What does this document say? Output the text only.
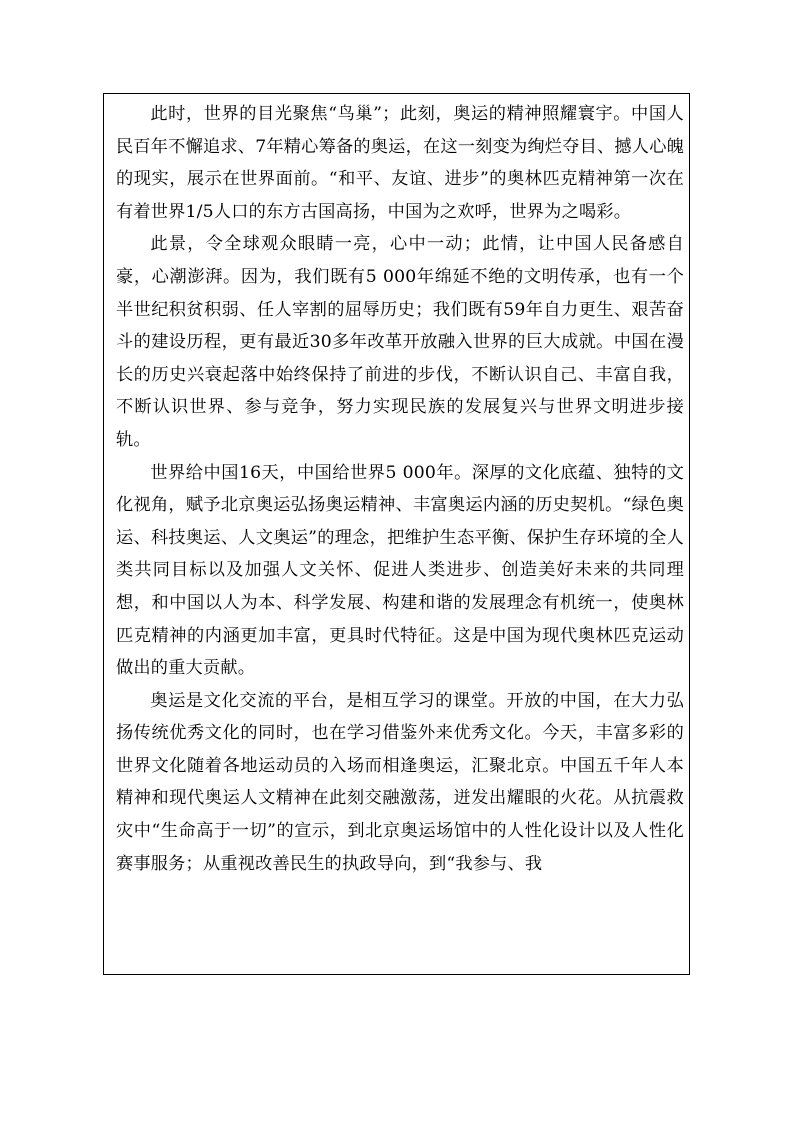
此时，世界的目光聚焦“鸟巢”；此刻，奥运的精神照耀寰宇。中国人民百年不懈追求、7年精心筹备的奥运，在这一刻变为绚烂夺目、撼人心魄的现实，展示在世界面前。“和平、友谊、进步”的奥林匹克精神第一次在有着世界1/5人口的东方古国高扬，中国为之欢呼，世界为之喝彩。

此景，令全球观众眼睛一亮，心中一动；此情，让中国人民备感自豪，心潮澎湃。因为，我们既有5 000年绵延不绝的文明传承，也有一个半世纪积贫积弱、任人宰割的屈辱历史；我们既有59年自力更生、艰苦奋斗的建设历程，更有最近30多年改革开放融入世界的巨大成就。中国在漫长的历史兴衰起落中始终保持了前进的步伐，不断认识自己、丰富自我，不断认识世界、参与竞争，努力实现民族的发展复兴与世界文明进步接轨。

世界给中国16天，中国给世界5 000年。深厚的文化底蕴、独特的文化视角，赋予北京奥运弘扬奥运精神、丰富奥运内涵的历史契机。“绿色奥运、科技奥运、人文奥运”的理念，把维护生态平衡、保护生存环境的全人类共同目标以及加强人文关怀、促进人类进步、创造美好未来的共同理想，和中国以人为本、科学发展、构建和谐的发展理念有机统一，使奥林匹克精神的内涵更加丰富，更具时代特征。这是中国为现代奥林匹克运动做出的重大贡献。

奥运是文化交流的平台，是相互学习的课堂。开放的中国，在大力弘扬传统优秀文化的同时，也在学习借鉴外来优秀文化。今天，丰富多彩的世界文化随着各地运动员的入场而相逢奥运，汇聚北京。中国五千年人本精神和现代奥运人文精神在此刻交融激荡，迸发出耀眼的火花。从抗震救灾中“生命高于一切”的宣示，到北京奥运场馆中的人性化设计以及人性化赛事服务；从重视改善民生的执政导向，到“我参与、我
